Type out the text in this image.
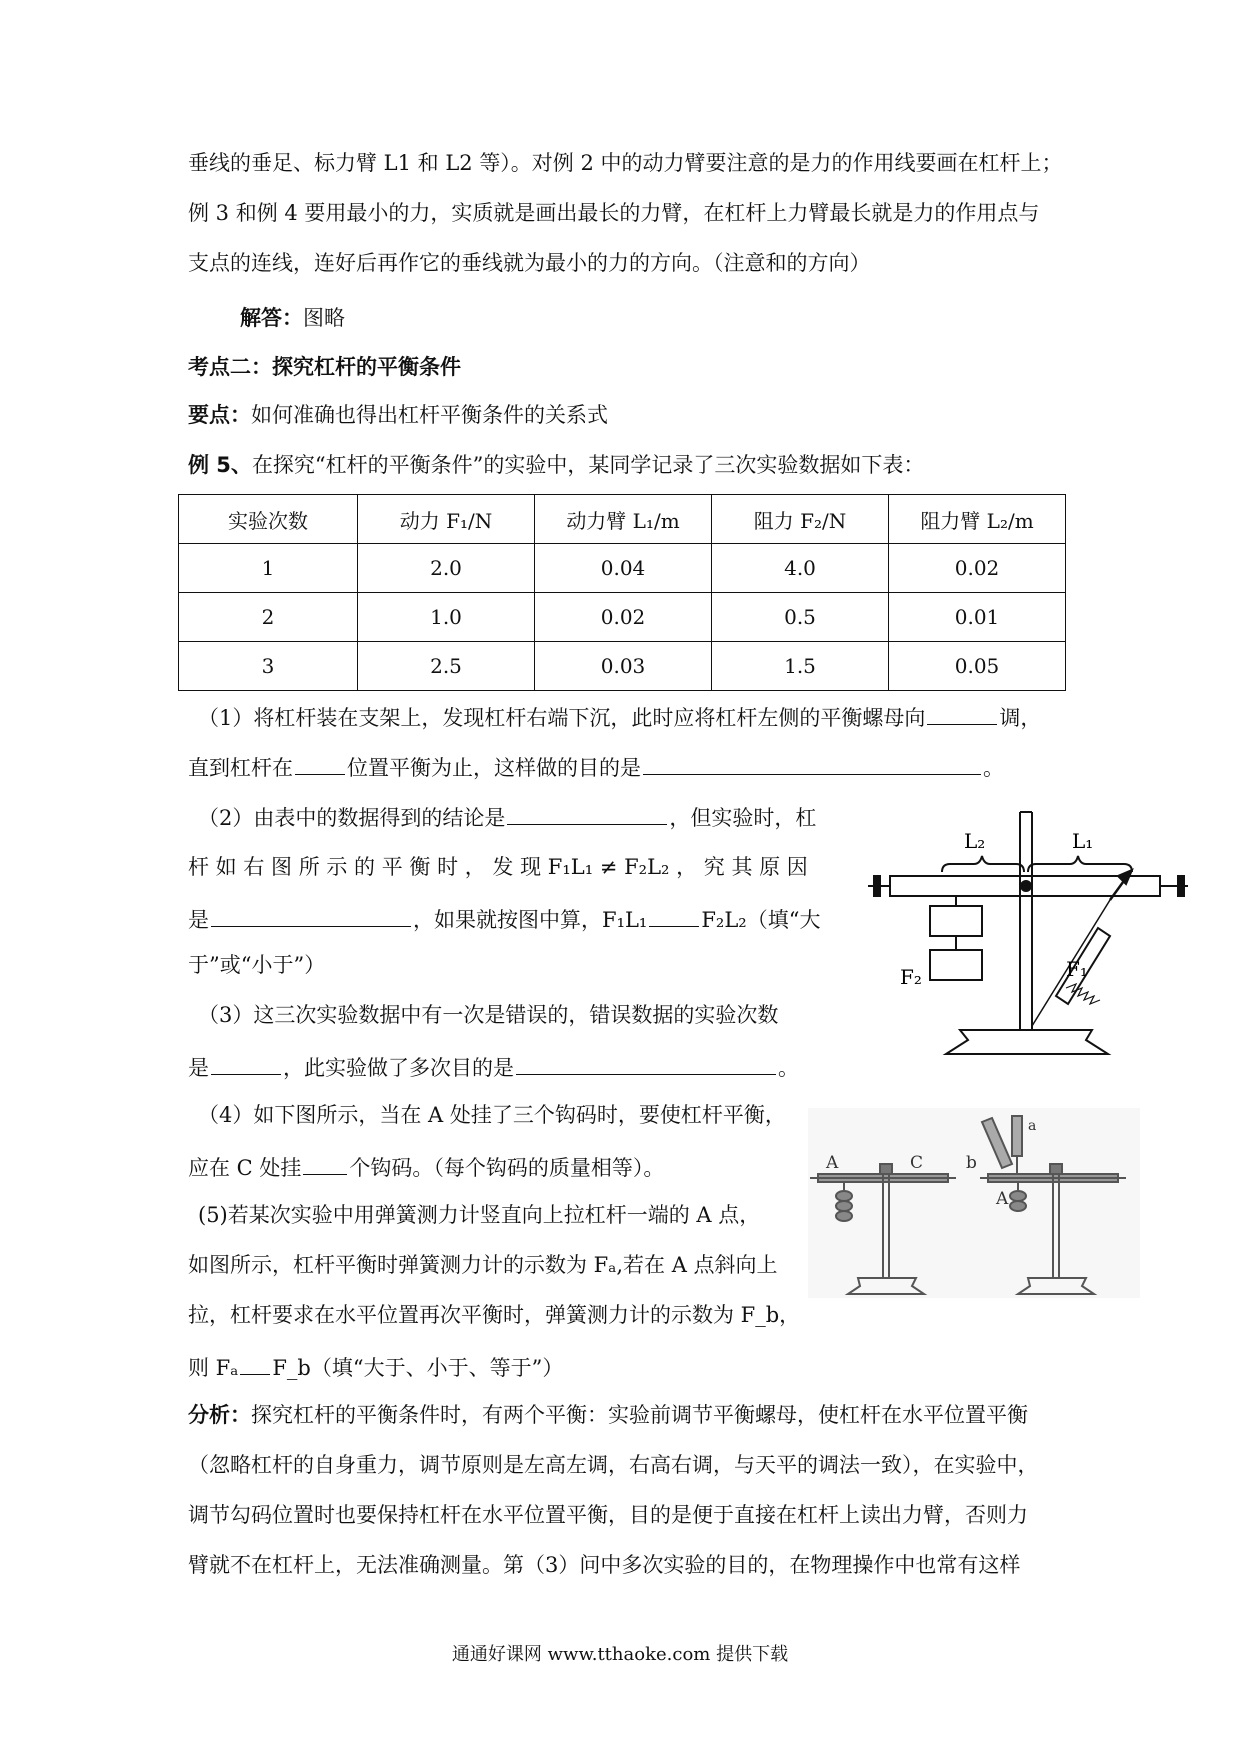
垂线的垂足、标力臂 L1 和 L2 等）。对例 2 中的动力臂要注意的是力的作用线要画在杠杆上；
例 3 和例 4 要用最小的力，实质就是画出最长的力臂，在杠杆上力臂最长就是力的作用点与
支点的连线，连好后再作它的垂线就为最小的力的方向。（注意和的方向）
解答：图略
考点二：探究杠杆的平衡条件
要点：如何准确也得出杠杆平衡条件的关系式
例 5、在探究“杠杆的平衡条件”的实验中，某同学记录了三次实验数据如下表：
实验次数	动力 F₁/N	动力臂 L₁/m	阻力 F₂/N	阻力臂 L₂/m
1	2.0	0.04	4.0	0.02
2	1.0	0.02	0.5	0.01
3	2.5	0.03	1.5	0.05
（1）将杠杆装在支架上，发现杠杆右端下沉，此时应将杠杆左侧的平衡螺母向	调，
直到杠杆在	位置平衡为止，这样做的目的是	。
（2）由表中的数据得到的结论是	，但实验时，杠
杆 如 右 图 所 示 的 平 衡 时 ， 发 现 F₁L₁ ≠ F₂L₂ ， 究 其 原 因
是	，如果就按图中算，F₁L₁	F₂L₂（填“大
于”或“小于”）
（3）这三次实验数据中有一次是错误的，错误数据的实验次数
是	，此实验做了多次目的是	。
（4）如下图所示，当在 A 处挂了三个钩码时，要使杠杆平衡，
应在 C 处挂 个钩码。（每个钩码的质量相等）。
(5)若某次实验中用弹簧测力计竖直向上拉杠杆一端的 A 点，
如图所示，杠杆平衡时弹簧测力计的示数为 Fₐ,若在 A 点斜向上
拉，杠杆要求在水平位置再次平衡时，弹簧测力计的示数为 F_b，
则 Fₐ F_b（填“大于、小于、等于”）
分析：探究杠杆的平衡条件时，有两个平衡：实验前调节平衡螺母，使杠杆在水平位置平衡
（忽略杠杆的自身重力，调节原则是左高左调，右高右调，与天平的调法一致），在实验中，
调节勾码位置时也要保持杠杆在水平位置平衡，目的是便于直接在杠杆上读出力臂，否则力
臂就不在杠杆上，无法准确测量。第（3）问中多次实验的目的，在物理操作中也常有这样
L₂	L₁
F₂	F₁
A	C
a
b
A
通通好课网 www.tthaoke.com 提供下载
